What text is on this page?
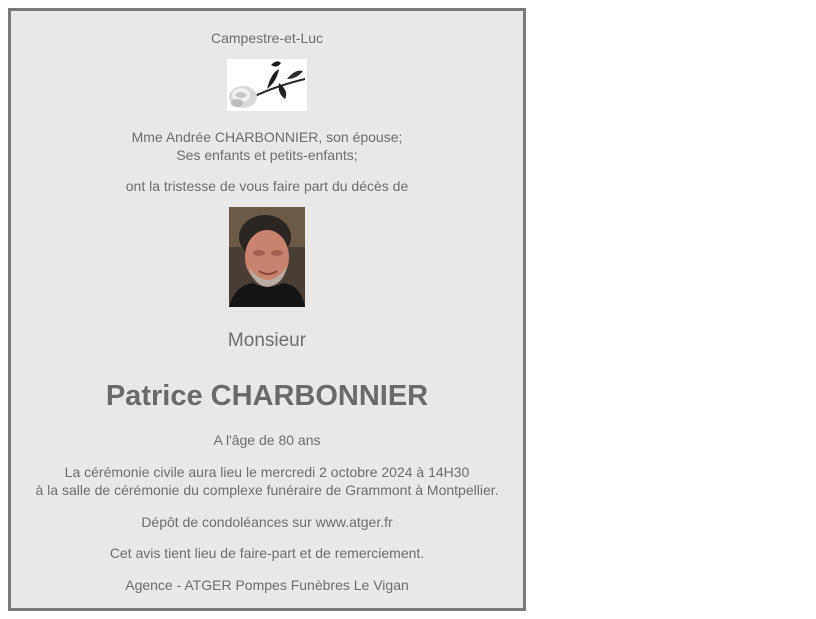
Campestre-et-Luc
Mme Andrée CHARBONNIER, son épouse;
Ses enfants et petits-enfants;
ont la tristesse de vous faire part du décès de
Monsieur
Patrice CHARBONNIER
A l'âge de 80 ans
La cérémonie civile aura lieu le mercredi 2 octobre 2024 à 14H30
à la salle de cérémonie du complexe funéraire de Grammont à Montpellier.
Dépôt de condoléances sur www.atger.fr
Cet avis tient lieu de faire-part et de remerciement.
Agence - ATGER Pompes Funèbres Le Vigan
